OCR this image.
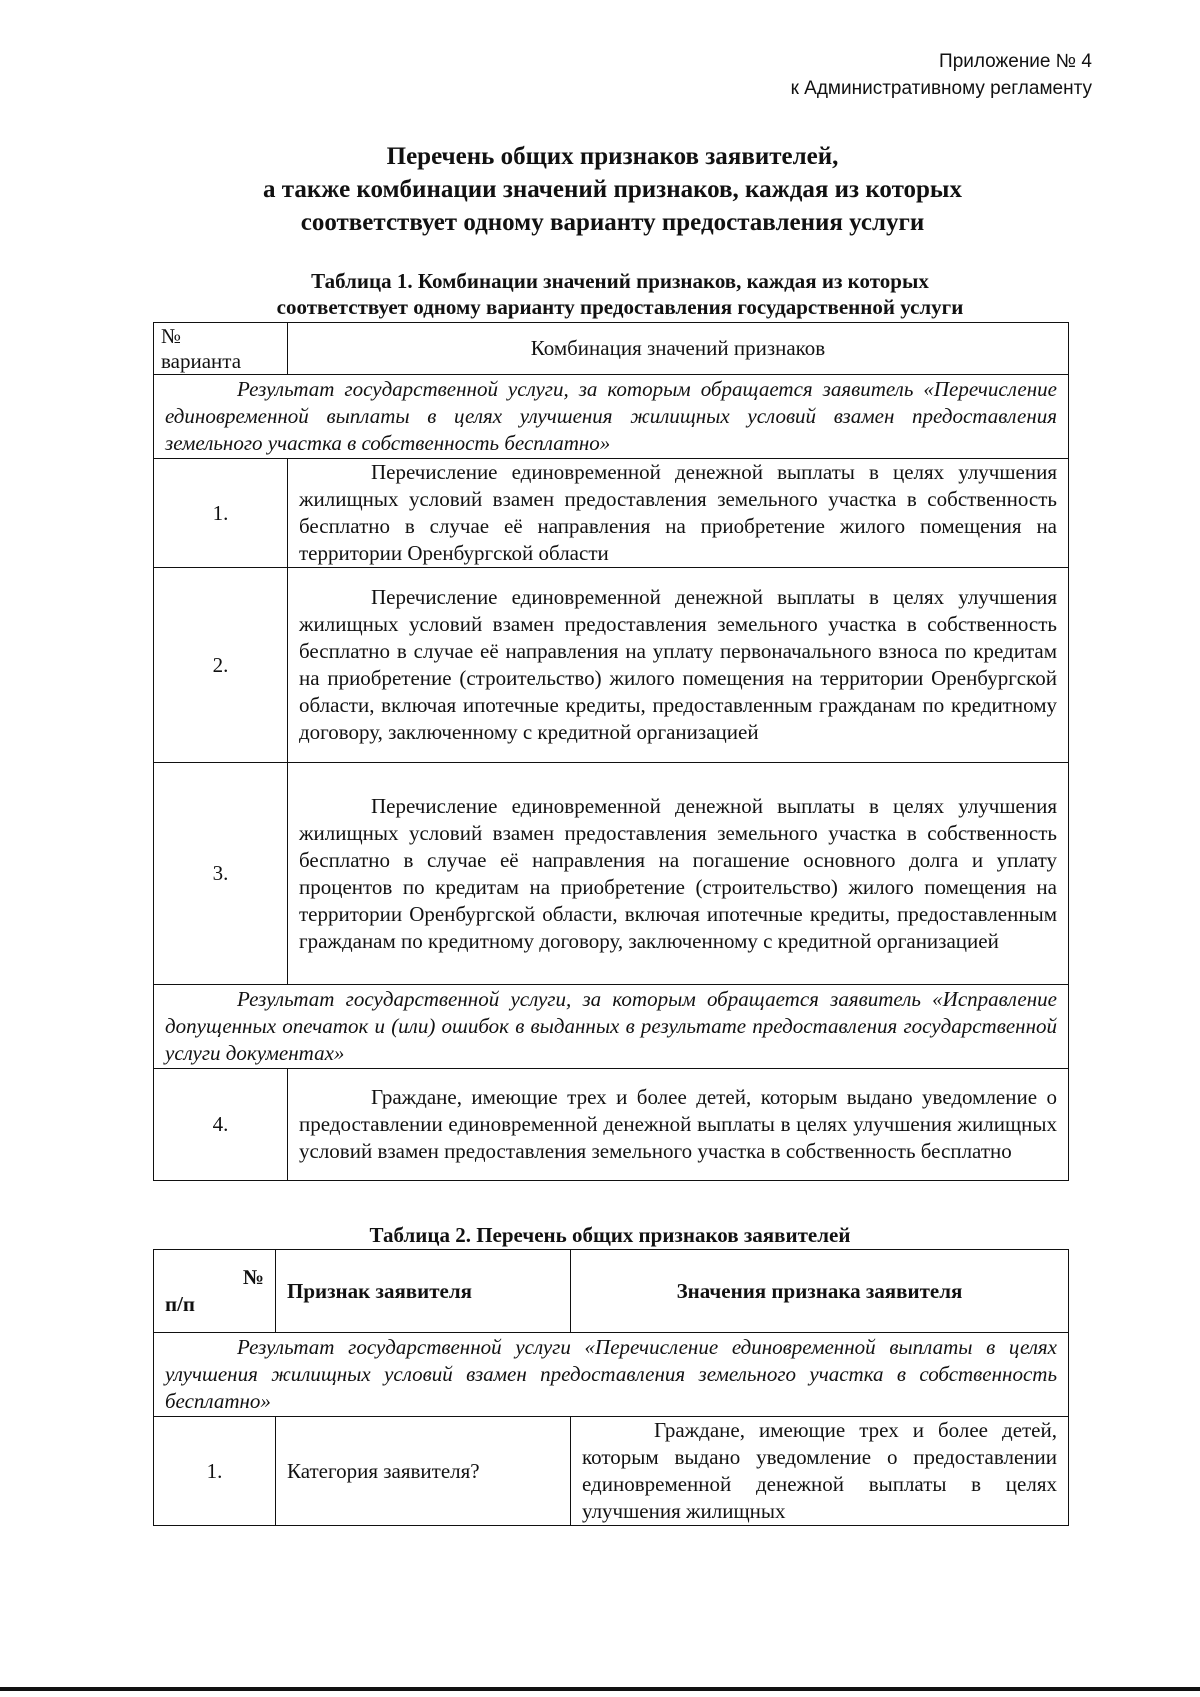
Приложение № 4
к Административному регламенту
Перечень общих признаков заявителей,
а также комбинации значений признаков, каждая из которых
соответствует одному варианту предоставления услуги
Таблица 1. Комбинации значений признаков, каждая из которых
соответствует одному варианту предоставления государственной услуги
№
варианта	Комбинация значений признаков
Результат государственной услуги, за которым обращается заявитель «Перечисление единовременной выплаты в целях улучшения жилищных условий взамен предоставления земельного участка в собственность бесплатно»	
1.	Перечисление единовременной денежной выплаты в целях улучшения жилищных условий взамен предоставления земельного участка в собственность бесплатно в случае её направления на приобретение жилого помещения на территории Оренбургской области
2.	Перечисление единовременной денежной выплаты в целях улучшения жилищных условий взамен предоставления земельного участка в собственность бесплатно в случае её направления на уплату первоначального взноса по кредитам на приобретение (строительство) жилого помещения на территории Оренбургской области, включая ипотечные кредиты, предоставленным гражданам по кредитному договору, заключенному с кредитной организацией
3.	Перечисление единовременной денежной выплаты в целях улучшения жилищных условий взамен предоставления земельного участка в собственность бесплатно в случае её направления на погашение основного долга и уплату процентов по кредитам на приобретение (строительство) жилого помещения на территории Оренбургской области, включая ипотечные кредиты, предоставленным гражданам по кредитному договору, заключенному с кредитной организацией
Результат государственной услуги, за которым обращается заявитель «Исправление допущенных опечаток и (или) ошибок в выданных в результате предоставления государственной услуги документах»	
4.	Граждане, имеющие трех и более детей, которым выдано уведомление о предоставлении единовременной денежной выплаты в целях улучшения жилищных условий взамен предоставления земельного участка в собственность бесплатно
Таблица 2. Перечень общих признаков заявителей
№
п/п	Признак заявителя	Значения признака заявителя
Результат государственной услуги «Перечисление единовременной выплаты в целях улучшения жилищных условий взамен предоставления земельного участка в собственность бесплатно»		
1.	Категория заявителя?	Граждане, имеющие трех и более детей, которым выдано уведомление о предоставлении единовременной денежной выплаты в целях улучшения жилищных
